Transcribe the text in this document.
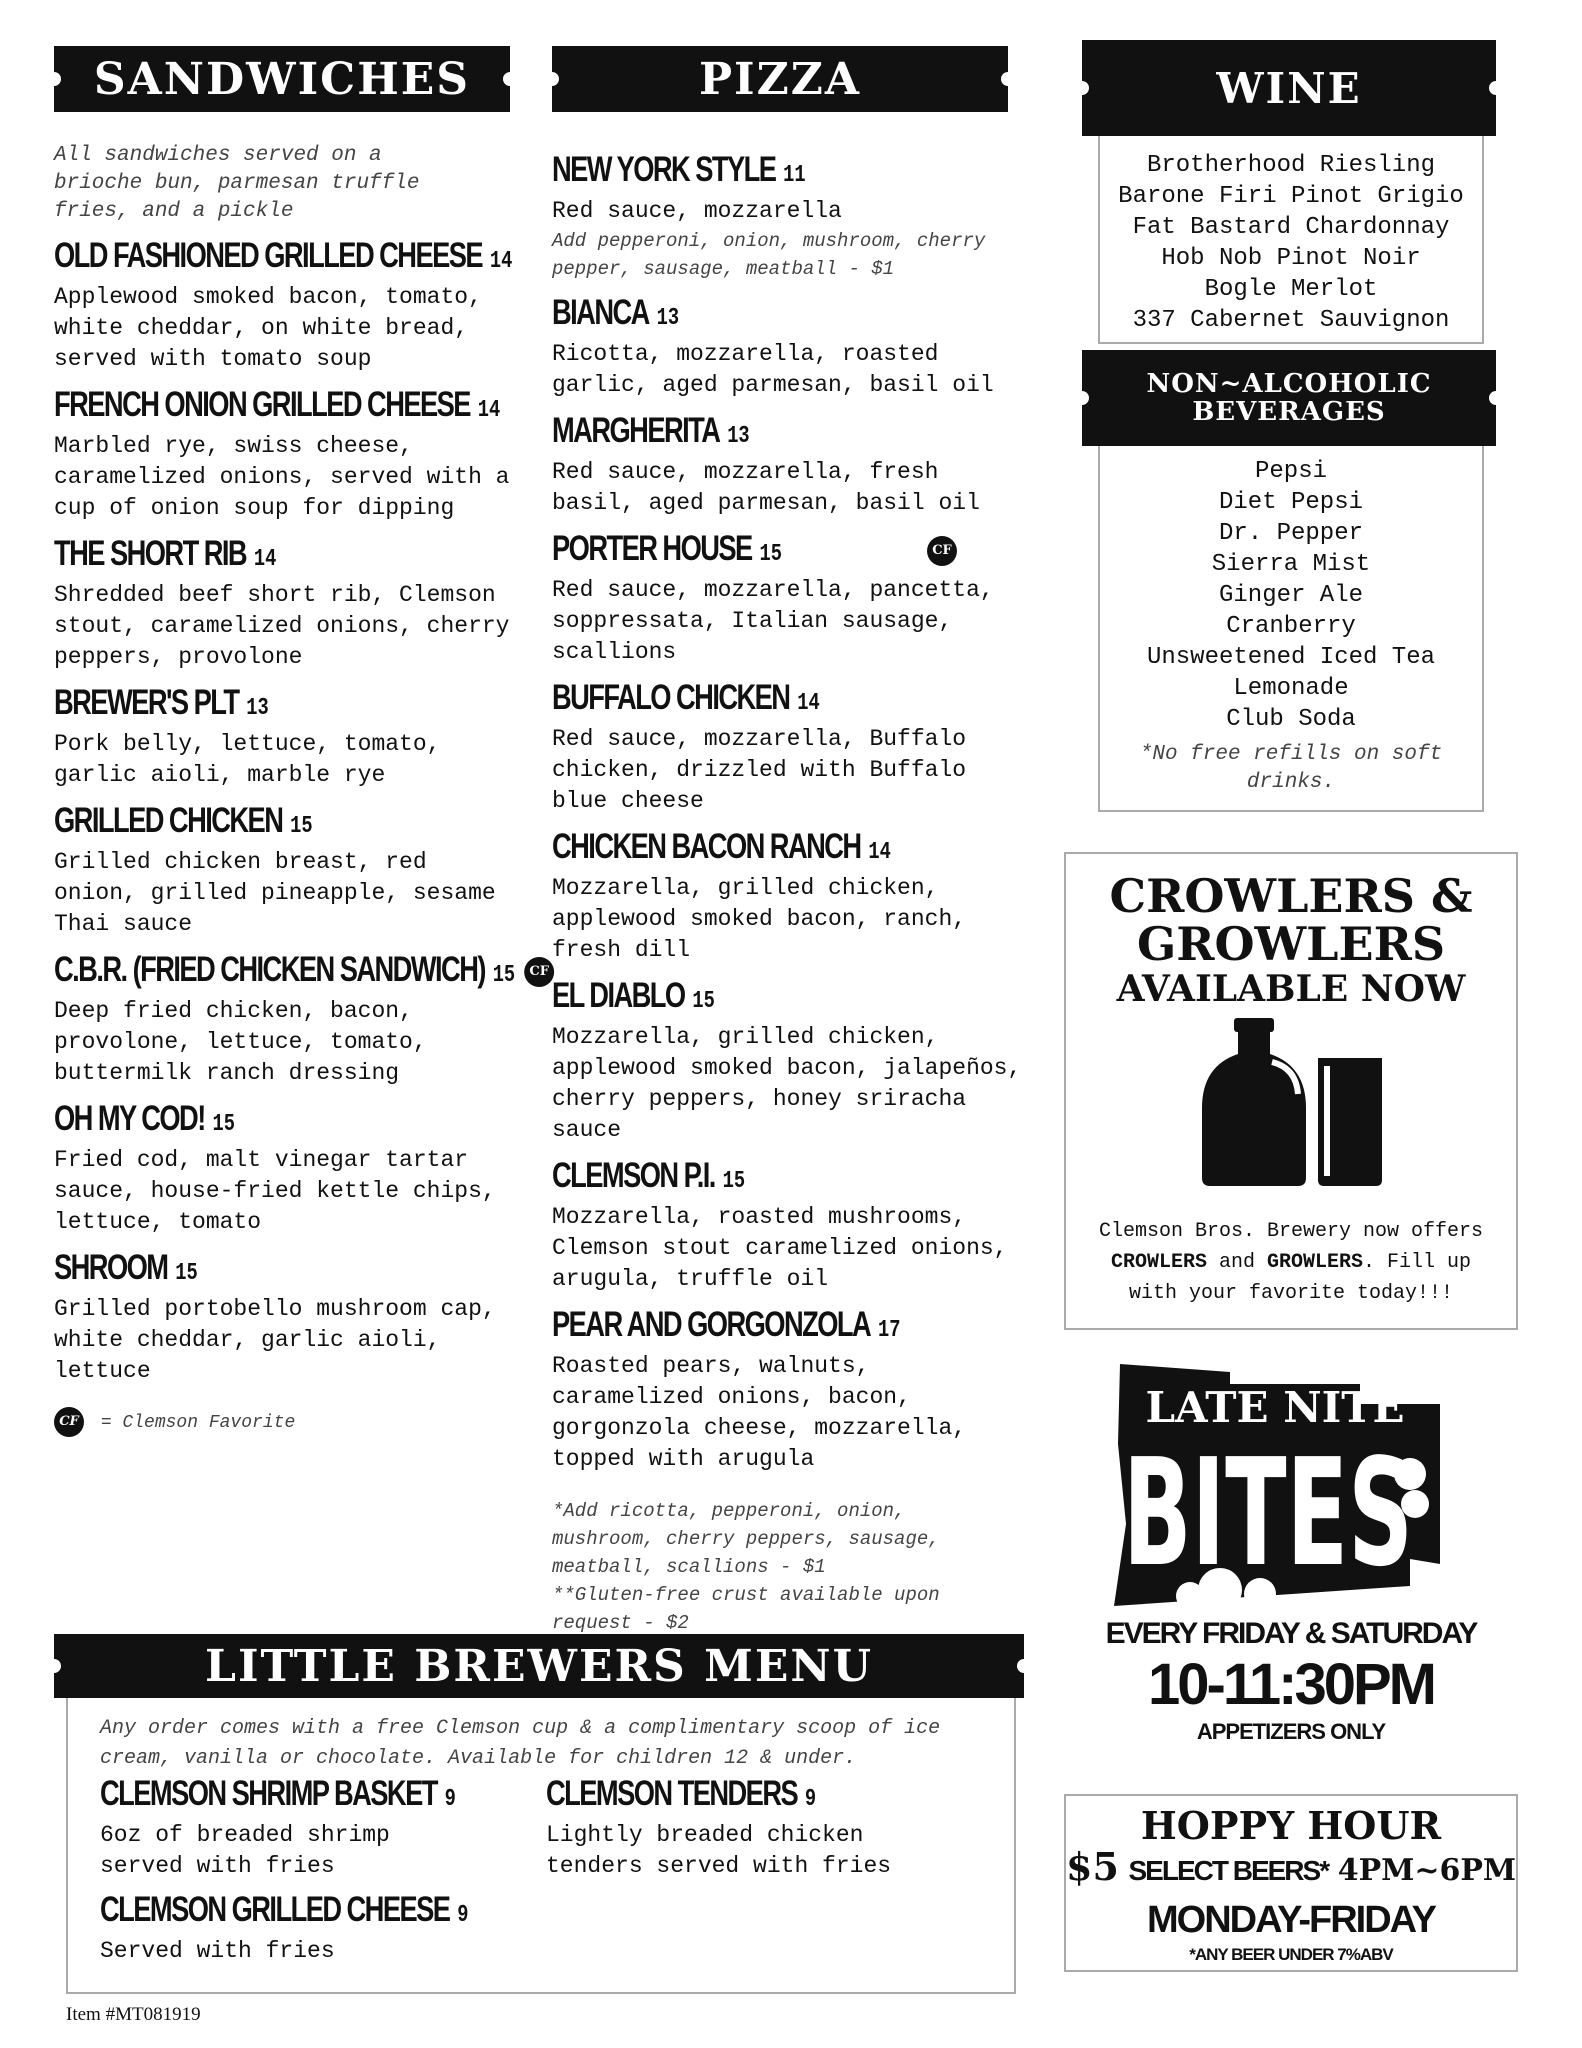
SANDWICHES
All sandwiches served on a brioche bun, parmesan truffle fries, and a pickle
OLD FASHIONED GRILLED CHEESE 14
Applewood smoked bacon, tomato, white cheddar, on white bread, served with tomato soup
FRENCH ONION GRILLED CHEESE 14
Marbled rye, swiss cheese, caramelized onions, served with a cup of onion soup for dipping
THE SHORT RIB 14
Shredded beef short rib, Clemson stout, caramelized onions, cherry peppers, provolone
BREWER'S PLT 13
Pork belly, lettuce, tomato, garlic aioli, marble rye
GRILLED CHICKEN 15
Grilled chicken breast, red onion, grilled pineapple, sesame Thai sauce
C.B.R. (FRIED CHICKEN SANDWICH) 15 CF
Deep fried chicken, bacon, provolone, lettuce, tomato, buttermilk ranch dressing
OH MY COD! 15
Fried cod, malt vinegar tartar sauce, house-fried kettle chips, lettuce, tomato
SHROOM 15
Grilled portobello mushroom cap, white cheddar, garlic aioli, lettuce
CF = Clemson Favorite
PIZZA
NEW YORK STYLE 11
Red sauce, mozzarella
Add pepperoni, onion, mushroom, cherry pepper, sausage, meatball - $1
BIANCA 13
Ricotta, mozzarella, roasted garlic, aged parmesan, basil oil
MARGHERITA 13
Red sauce, mozzarella, fresh basil, aged parmesan, basil oil
PORTER HOUSE 15	CF
Red sauce, mozzarella, pancetta, soppressata, Italian sausage, scallions
BUFFALO CHICKEN 14
Red sauce, mozzarella, Buffalo chicken, drizzled with Buffalo blue cheese
CHICKEN BACON RANCH 14
Mozzarella, grilled chicken, applewood smoked bacon, ranch, fresh dill
EL DIABLO 15
Mozzarella, grilled chicken, applewood smoked bacon, jalapeños, cherry peppers, honey sriracha sauce
CLEMSON P.I. 15
Mozzarella, roasted mushrooms, Clemson stout caramelized onions, arugula, truffle oil
PEAR AND GORGONZOLA 17
Roasted pears, walnuts, caramelized onions, bacon, gorgonzola cheese, mozzarella, topped with arugula
*Add ricotta, pepperoni, onion, mushroom, cherry peppers, sausage, meatball, scallions - $1
**Gluten-free crust available upon request - $2
WINE
Brotherhood Riesling
Barone Firi Pinot Grigio
Fat Bastard Chardonnay
Hob Nob Pinot Noir
Bogle Merlot
337 Cabernet Sauvignon
NON~ALCOHOLIC
BEVERAGES
Pepsi
Diet Pepsi
Dr. Pepper
Sierra Mist
Ginger Ale
Cranberry
Unsweetened Iced Tea
Lemonade
Club Soda
*No free refills on soft drinks.
CROWLERS &
GROWLERS
AVAILABLE NOW
Clemson Bros. Brewery now offers
CROWLERS and GROWLERS. Fill up
with your favorite today!!!
LATE NITE
BITES
EVERY FRIDAY & SATURDAY
10-11:30PM
APPETIZERS ONLY
HOPPY HOUR
$5 SELECT BEERS* 4PM~6PM
MONDAY-FRIDAY
*ANY BEER UNDER 7%ABV
LITTLE BREWERS MENU
Any order comes with a free Clemson cup & a complimentary scoop of ice cream, vanilla or chocolate. Available for children 12 & under.
CLEMSON SHRIMP BASKET 9
6oz of breaded shrimp served with fries
CLEMSON TENDERS 9
Lightly breaded chicken tenders served with fries
CLEMSON GRILLED CHEESE 9
Served with fries
Item #MT081919
